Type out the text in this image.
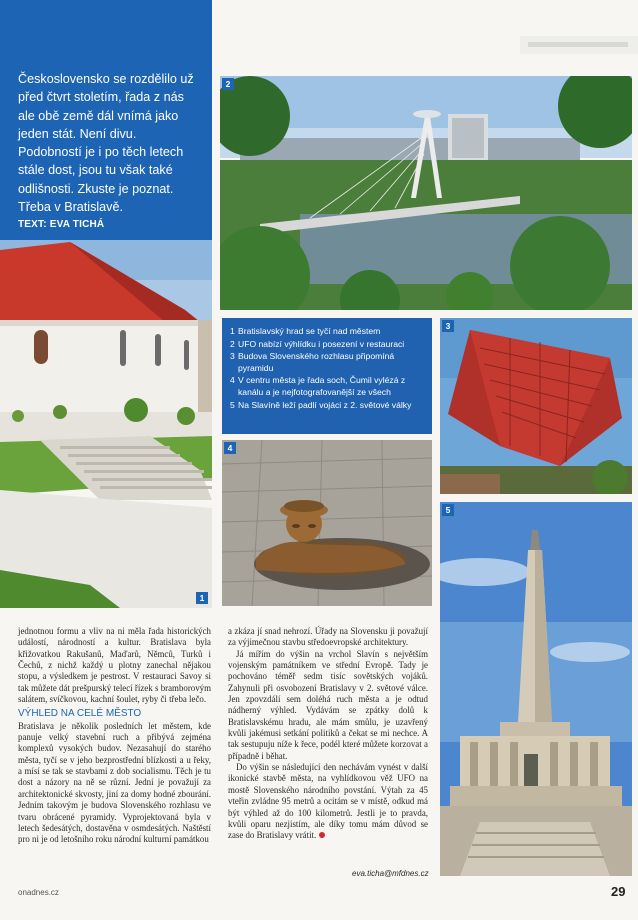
Československo se rozdělilo už před čtvrt stoletím, řada z nás ale obě země dál vnímá jako jeden stát. Není divu. Podobností je i po těch letech stále dost, jsou tu však také odlišnosti. Zkuste je poznat. Třeba v Bratislavě.

TEXT: EVA TICHÁ

1
2
1 Bratislavský hrad se tyčí nad městem
2 UFO nabízí výhlídku i posezení v restauraci
3 Budova Slovenského rozhlasu připomíná pyramidu
4 V centru města je řada soch, Čumil vylézá z kanálu a je nejfotografovanější ze všech
5 Na Slavíně leží padlí vojáci z 2. světové války
3
4
5

jednotnou formu a vliv na ni měla řada historických událostí, národností a kultur. Bratislava byla křižovatkou Rakušanů, Maďarů, Němců, Turků i Čechů, z nichž každý u plotny zanechal nějakou stopu, a výsledkem je pestrost. V restauraci Savoy si tak můžete dát prešpurský telecí řízek s bramborovým salátem, svíčkovou, kachní šoulet, ryby či třeba lečo.

VÝHLED NA CELÉ MĚSTO

Bratislava je několik posledních let městem, kde panuje velký stavební ruch a přibývá zejména komplexů vysokých budov. Nezasahují do starého města, tyčí se v jeho bezprostřední blízkosti a u řeky, a mísí se tak se stavbami z dob socialismu. Těch je tu dost a názory na ně se různí. Jední je považují za architektonické skvosty, jiní za domy hodné zbourání. Jedním takovým je budova Slovenského rozhlasu ve tvaru obrácené pyramidy. Vyprojektovaná byla v letech šedesátých, dostavěna v osmdesátých. Naštěstí pro ni je od letošního roku národní kulturní památkou

a zkáza jí snad nehrozí. Úřady na Slovensku ji považují za výjimečnou stavbu středoevropské architektury.

Já mířím do výšin na vrchol Slavín s největším vojenským památníkem ve střední Evropě. Tady je pochováno téměř sedm tisíc sovětských vojáků. Zahynuli při osvobození Bratislavy v 2. světové válce. Jen zpovzdálí sem doléhá ruch města a je odtud nádherný výhled. Vydávám se zpátky dolů k Bratislavskému hradu, ale mám smůlu, je uzavřený kvůli jakémusi setkání politiků a čekat se mi nechce. A tak sestupuju níže k řece, podél které můžete korzovat a případně i běhat.

Do výšin se následující den nechávám vynést v další ikonické stavbě města, na vyhlídkovou věž UFO na mostě Slovenského národního povstání. Výtah za 45 vteřin zvládne 95 metrů a ocitám se v místě, odkud má být výhled až do 100 kilometrů. Jestli je to pravda, kvůli oparu nezjistím, ale díky tomu mám důvod se zase do Bratislavy vrátit.

eva.ticha@mfdnes.cz
onadnes.cz	29
